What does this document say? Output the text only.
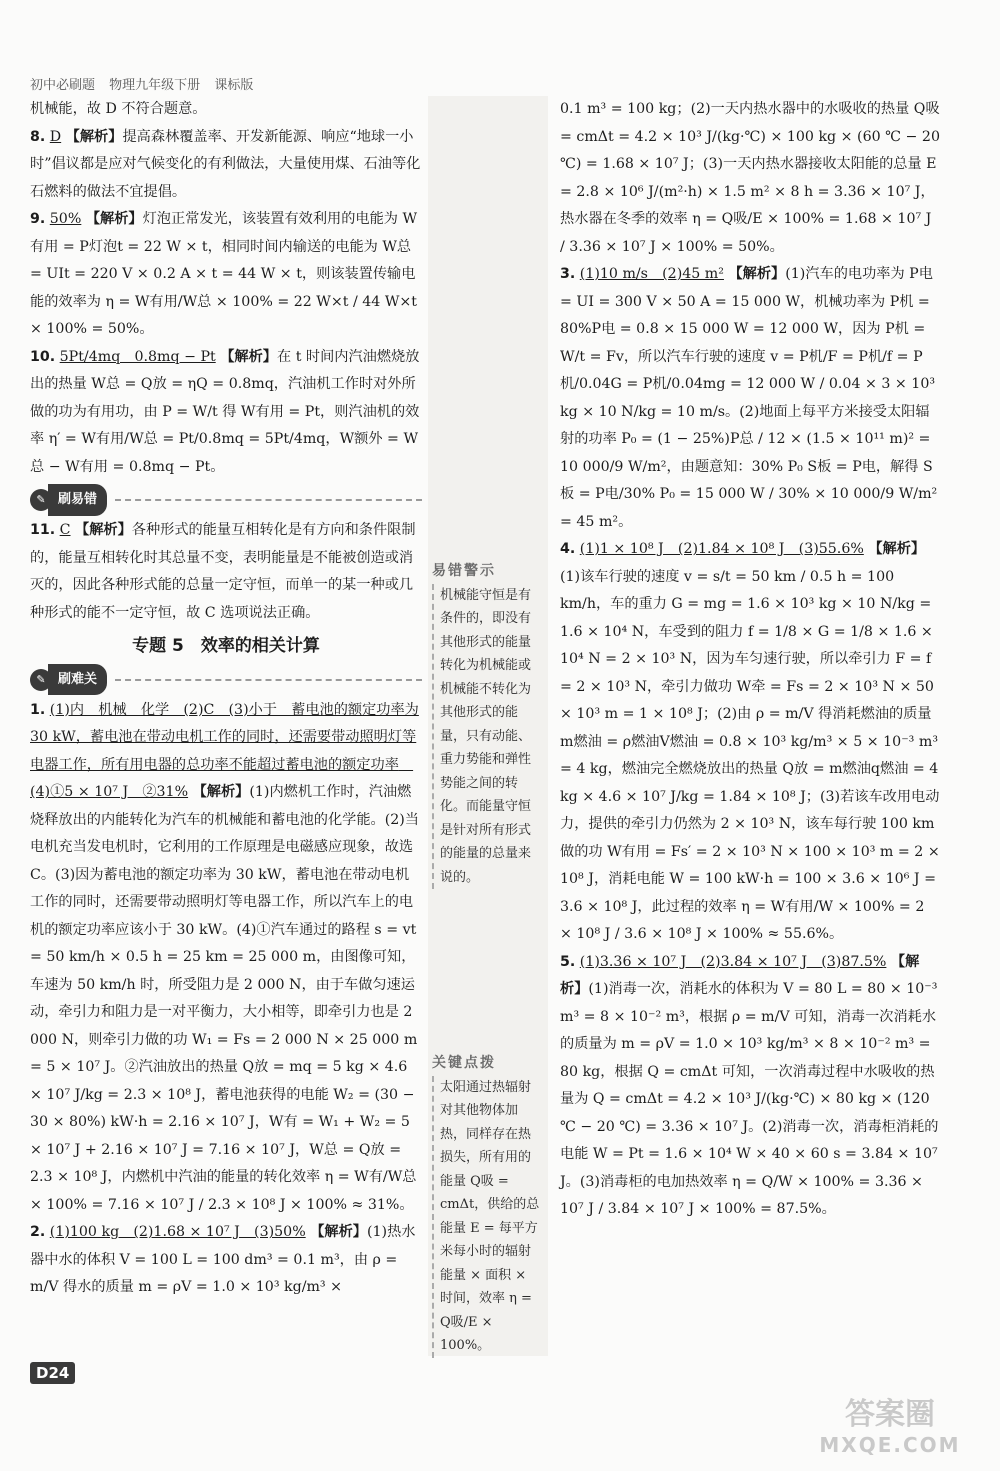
初中必刷题 物理九年级下册 课标版

机械能，故 D 不符合题意。

8. D 【解析】提高森林覆盖率、开发新能源、响应“地球一小时”倡议都是应对气候变化的有利做法，大量使用煤、石油等化石燃料的做法不宜提倡。

9. 50% 【解析】灯泡正常发光，该装置有效利用的电能为 W有用 = P灯泡t = 22 W × t，相同时间内输送的电能为 W总 = UIt = 220 V × 0.2 A × t = 44 W × t，则该装置传输电能的效率为 η = W有用/W总 × 100% = 22 W×t / 44 W×t × 100% = 50%。

10. 5Pt/4mq　0.8mq − Pt 【解析】在 t 时间内汽油燃烧放出的热量 W总 = Q放 = ηQ = 0.8mq，汽油机工作时对外所做的功为有用功，由 P = W/t 得 W有用 = Pt，则汽油机的效率 η′ = W有用/W总 = Pt/0.8mq = 5Pt/4mq，W额外 = W总 − W有用 = 0.8mq − Pt。

✎ 刷易错

11. C 【解析】各种形式的能量互相转化是有方向和条件限制的，能量互相转化时其总量不变，表明能量是不能被创造或消灭的，因此各种形式能的总量一定守恒，而单一的某一种或几种形式的能不一定守恒，故 C 选项说法正确。

专题 5　效率的相关计算
✎ 刷难关

1. (1)内　机械　化学　(2)C　(3)小于　蓄电池的额定功率为30 kW，蓄电池在带动电机工作的同时，还需要带动照明灯等电器工作，所有用电器的总功率不能超过蓄电池的额定功率　(4)①5 × 10⁷ J　②31% 【解析】(1)内燃机工作时，汽油燃烧释放出的内能转化为汽车的机械能和蓄电池的化学能。(2)当电机充当发电机时，它利用的工作原理是电磁感应现象，故选 C。(3)因为蓄电池的额定功率为 30 kW，蓄电池在带动电机工作的同时，还需要带动照明灯等电器工作，所以汽车上的电机的额定功率应该小于 30 kW。(4)①汽车通过的路程 s = vt = 50 km/h × 0.5 h = 25 km = 25 000 m，由图像可知，车速为 50 km/h 时，所受阻力是 2 000 N，由于车做匀速运动，牵引力和阻力是一对平衡力，大小相等，即牵引力也是 2 000 N，则牵引力做的功 W₁ = Fs = 2 000 N × 25 000 m = 5 × 10⁷ J。②汽油放出的热量 Q放 = mq = 5 kg × 4.6 × 10⁷ J/kg = 2.3 × 10⁸ J，蓄电池获得的电能 W₂ = (30 − 30 × 80%) kW·h = 2.16 × 10⁷ J，W有 = W₁ + W₂ = 5 × 10⁷ J + 2.16 × 10⁷ J = 7.16 × 10⁷ J，W总 = Q放 = 2.3 × 10⁸ J，内燃机中汽油的能量的转化效率 η = W有/W总 × 100% = 7.16 × 10⁷ J / 2.3 × 10⁸ J × 100% ≈ 31%。

2. (1)100 kg　(2)1.68 × 10⁷ J　(3)50% 【解析】(1)热水器中水的体积 V = 100 L = 100 dm³ = 0.1 m³，由 ρ = m/V 得水的质量 m = ρV = 1.0 × 10³ kg/m³ ×

易错警示
机械能守恒是有条件的，即没有其他形式的能量转化为机械能或机械能不转化为其他形式的能量，只有动能、重力势能和弹性势能之间的转化。而能量守恒是针对所有形式的能量的总量来说的。
关键点拨
太阳通过热辐射对其他物体加热，同样存在热损失，所有用的能量 Q吸 = cmΔt，供给的总能量 E = 每平方米每小时的辐射能量 × 面积 × 时间，效率 η = Q吸/E × 100%。

0.1 m³ = 100 kg；(2)一天内热水器中的水吸收的热量 Q吸 = cmΔt = 4.2 × 10³ J/(kg·℃) × 100 kg × (60 ℃ − 20 ℃) = 1.68 × 10⁷ J；(3)一天内热水器接收太阳能的总量 E = 2.8 × 10⁶ J/(m²·h) × 1.5 m² × 8 h = 3.36 × 10⁷ J，热水器在冬季的效率 η = Q吸/E × 100% = 1.68 × 10⁷ J / 3.36 × 10⁷ J × 100% = 50%。

3. (1)10 m/s　(2)45 m² 【解析】(1)汽车的电功率为 P电 = UI = 300 V × 50 A = 15 000 W，机械功率为 P机 = 80%P电 = 0.8 × 15 000 W = 12 000 W，因为 P机 = W/t = Fv，所以汽车行驶的速度 v = P机/F = P机/f = P机/0.04G = P机/0.04mg = 12 000 W / 0.04 × 3 × 10³ kg × 10 N/kg = 10 m/s。(2)地面上每平方米接受太阳辐射的功率 P₀ = (1 − 25%)P总 / 12 × (1.5 × 10¹¹ m)² = 10 000/9 W/m²，由题意知：30% P₀ S板 = P电，解得 S板 = P电/30% P₀ = 15 000 W / 30% × 10 000/9 W/m² = 45 m²。

4. (1)1 × 10⁸ J　(2)1.84 × 10⁸ J　(3)55.6% 【解析】(1)该车行驶的速度 v = s/t = 50 km / 0.5 h = 100 km/h，车的重力 G = mg = 1.6 × 10³ kg × 10 N/kg = 1.6 × 10⁴ N，车受到的阻力 f = 1/8 × G = 1/8 × 1.6 × 10⁴ N = 2 × 10³ N，因为车匀速行驶，所以牵引力 F = f = 2 × 10³ N，牵引力做功 W牵 = Fs = 2 × 10³ N × 50 × 10³ m = 1 × 10⁸ J；(2)由 ρ = m/V 得消耗燃油的质量 m燃油 = ρ燃油V燃油 = 0.8 × 10³ kg/m³ × 5 × 10⁻³ m³ = 4 kg，燃油完全燃烧放出的热量 Q放 = m燃油q燃油 = 4 kg × 4.6 × 10⁷ J/kg = 1.84 × 10⁸ J；(3)若该车改用电动力，提供的牵引力仍然为 2 × 10³ N，该车每行驶 100 km 做的功 W有用 = Fs′ = 2 × 10³ N × 100 × 10³ m = 2 × 10⁸ J，消耗电能 W = 100 kW·h = 100 × 3.6 × 10⁶ J = 3.6 × 10⁸ J，此过程的效率 η = W有用/W × 100% = 2 × 10⁸ J / 3.6 × 10⁸ J × 100% ≈ 55.6%。

5. (1)3.36 × 10⁷ J　(2)3.84 × 10⁷ J　(3)87.5% 【解析】(1)消毒一次，消耗水的体积为 V = 80 L = 80 × 10⁻³ m³ = 8 × 10⁻² m³，根据 ρ = m/V 可知，消毒一次消耗水的质量为 m = ρV = 1.0 × 10³ kg/m³ × 8 × 10⁻² m³ = 80 kg，根据 Q = cmΔt 可知，一次消毒过程中水吸收的热量为 Q = cmΔt = 4.2 × 10³ J/(kg·℃) × 80 kg × (120 ℃ − 20 ℃) = 3.36 × 10⁷ J。(2)消毒一次，消毒柜消耗的电能 W = Pt = 1.6 × 10⁴ W × 40 × 60 s = 3.84 × 10⁷ J。(3)消毒柜的电加热效率 η = Q/W × 100% = 3.36 × 10⁷ J / 3.84 × 10⁷ J × 100% = 87.5%。

D24
答案圈
MXQE.COM
